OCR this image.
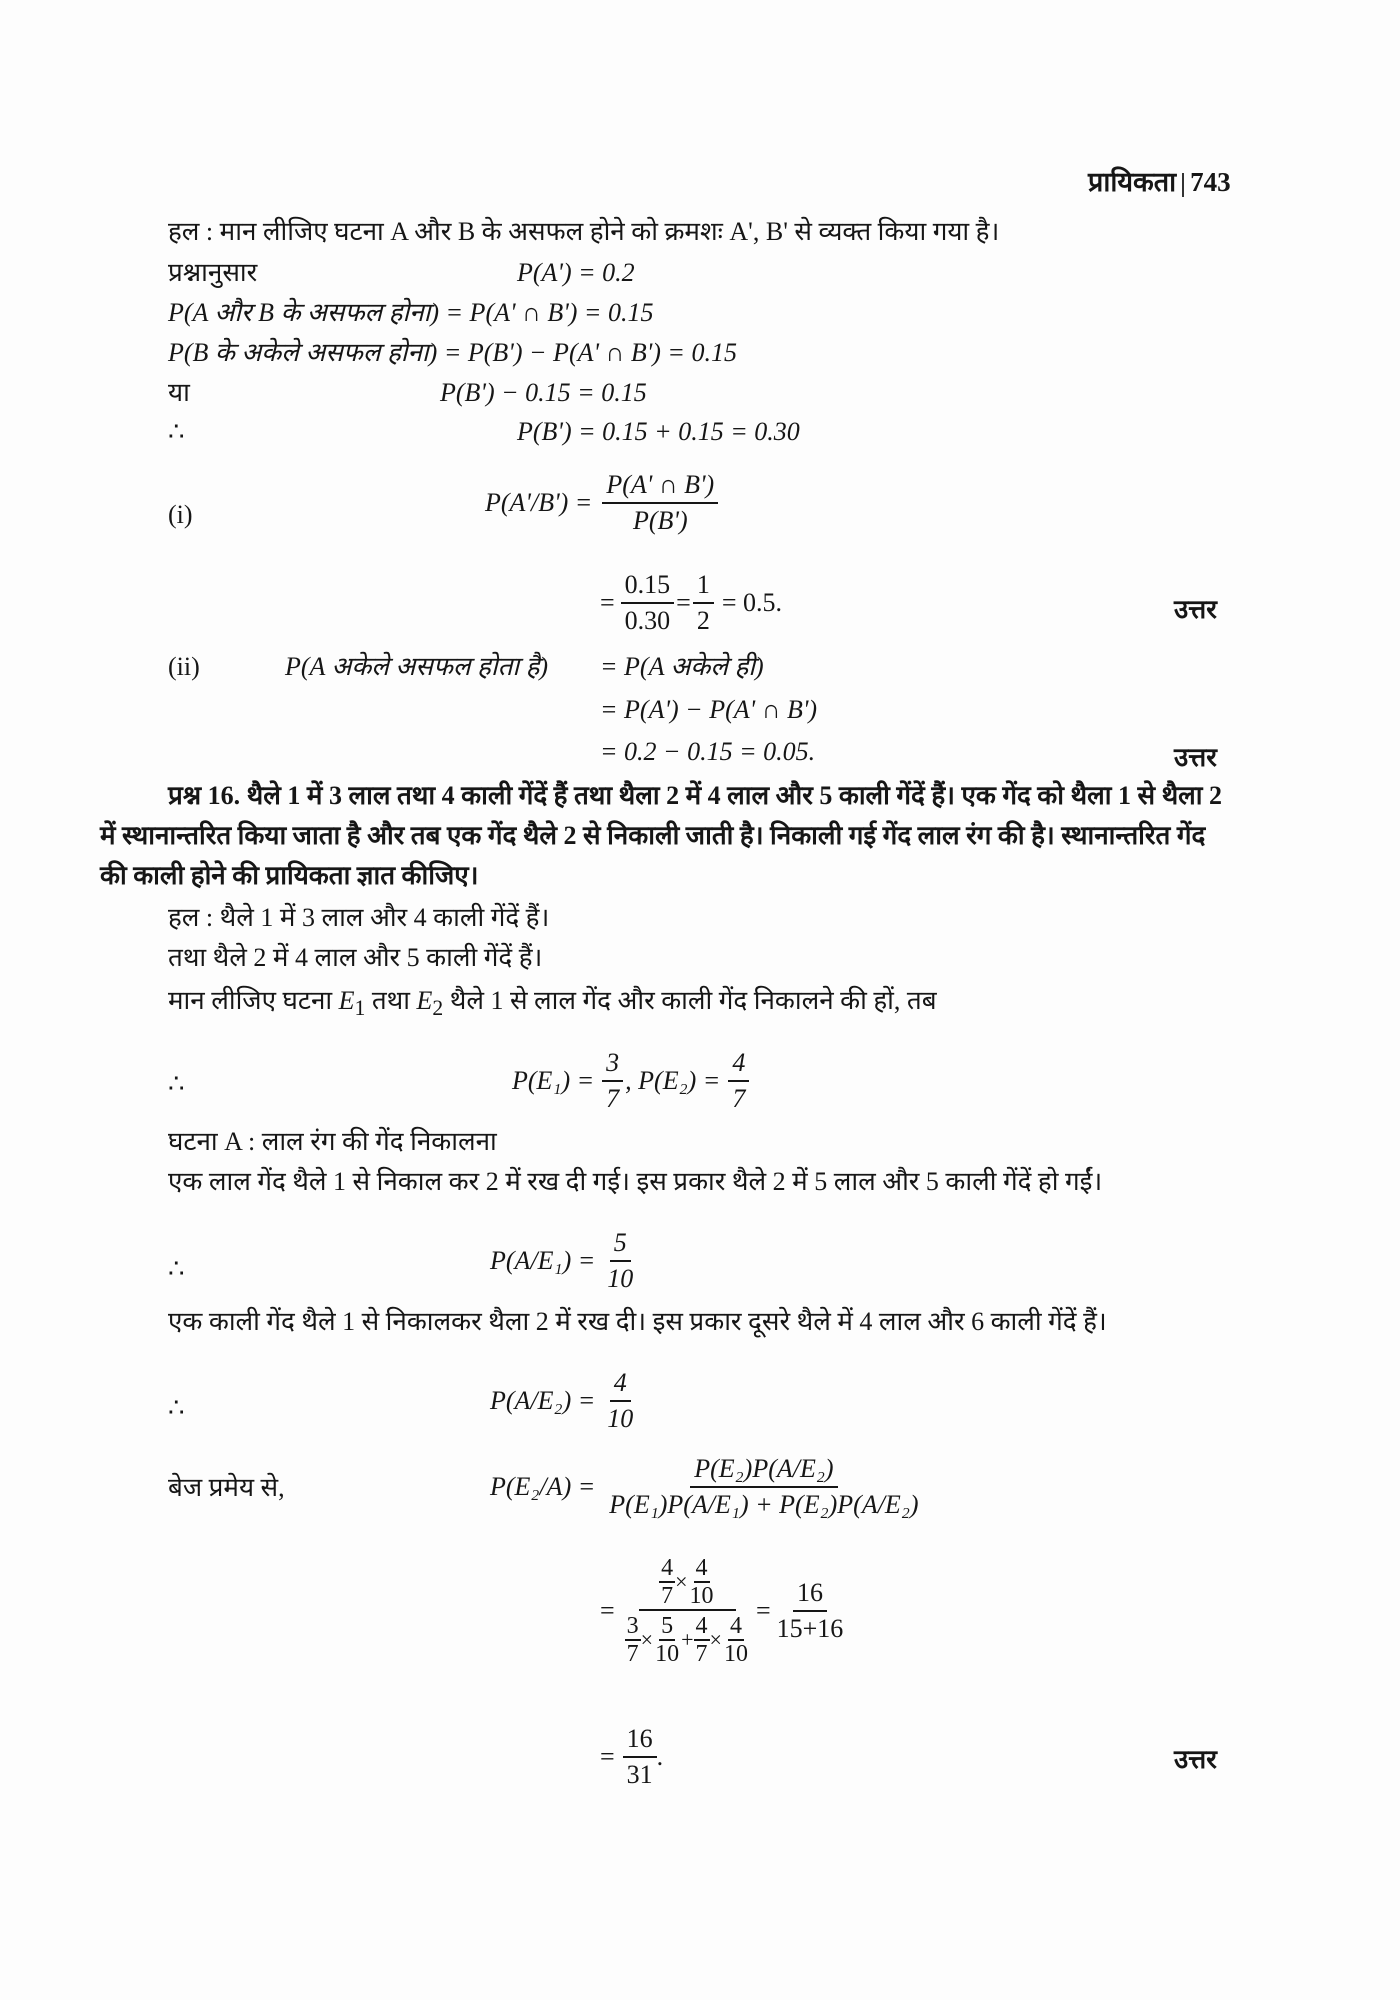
प्रायिकता 743
हल : मान लीजिए घटना A और B के असफल होने को क्रमशः A', B' से व्यक्त किया गया है।
प्रश्नानुसार	P(A') = 0.2
P(A और B के असफल होना) = P(A' ∩ B') = 0.15
P(B के अकेले असफल होना) = P(B') − P(A' ∩ B') = 0.15
या	P(B') − 0.15 = 0.15
∴	P(B') = 0.15 + 0.15 = 0.30
(i)	$P(A'/B') = \frac{P(A' \cap B')}{P(B')}$
= $\frac{0.15}{0.30} = \frac{1}{2} = 0.5$.	उत्तर
(ii)	P(A अकेले असफल होता है) = P(A अकेले ही)
= P(A') − P(A' ∩ B')
= 0.2 − 0.15 = 0.05.	उत्तर
प्रश्न 16. थैले 1 में 3 लाल तथा 4 काली गेंदें हैं तथा थैला 2 में 4 लाल और 5 काली गेंदें हैं। एक गेंद को थैला 1 से थैला 2 में स्थानान्तरित किया जाता है और तब एक गेंद थैले 2 से निकाली जाती है। निकाली गई गेंद लाल रंग की है। स्थानान्तरित गेंद की काली होने की प्रायिकता ज्ञात कीजिए।
हल : थैले 1 में 3 लाल और 4 काली गेंदें हैं।
तथा थैले 2 में 4 लाल और 5 काली गेंदें हैं।
मान लीजिए घटना $E_1$ तथा $E_2$ थैले 1 से लाल गेंद और काली गेंद निकालने की हों, तब
∴	$P(E_1) = \frac{3}{7}$ , $P(E_2) = \frac{4}{7}$
घटना A : लाल रंग की गेंद निकालना
एक लाल गेंद थैले 1 से निकाल कर 2 में रख दी गई। इस प्रकार थैले 2 में 5 लाल और 5 काली गेंदें हो गईं।
∴	$P(A/E_1) = \frac{5}{10}$
एक काली गेंद थैले 1 से निकालकर थैला 2 में रख दी। इस प्रकार दूसरे थैले में 4 लाल और 6 काली गेंदें हैं।
∴	$P(A/E_2) = \frac{4}{10}$
बेज प्रमेय से,	$P(E_2/A) = \frac{\text{P(E₂)P(A/E₂)}}{\text{P(E₁)P(A/E₁) + P(E₂)P(A/E₂)}}$
=
$\frac{4}{7} \times \frac{4}{10}$
$\frac{3}{7} \times \frac{5}{10} + \frac{4}{7} \times \frac{4}{10}$
= $\frac{16}{15+16}$
= $\frac{16}{31}$ .	उत्तर
